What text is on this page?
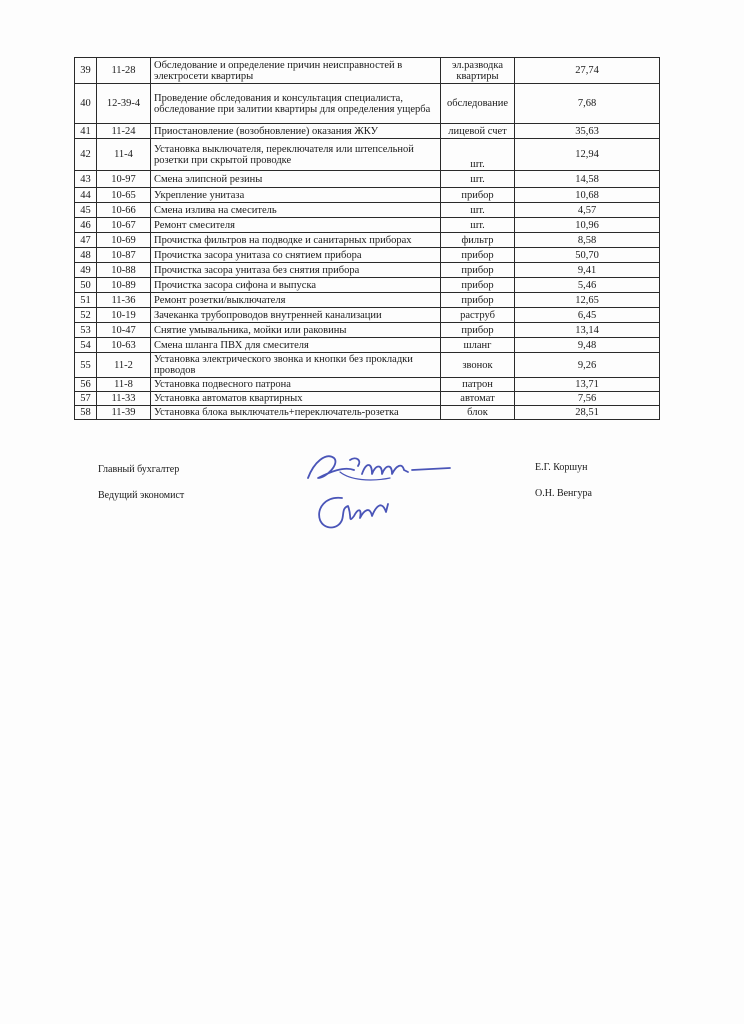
39	11-28	Обследование и определение причин неисправностей в электросети квартиры	эл.разводка квартиры	27,74
40	12-39-4	Проведение обследования и консультация специалиста, обследование при залитии квартиры для определения ущерба	обследование	7,68
41	11-24	Приостановление (возобновление) оказания ЖКУ	лицевой счет	35,63
42	11-4	Установка выключателя, переключателя или штепсельной розетки при скрытой проводке	шт.	12,94
43	10-97	Смена элипсной резины	шт.	14,58
44	10-65	Укрепление унитаза	прибор	10,68
45	10-66	Смена излива на смеситель	шт.	4,57
46	10-67	Ремонт смесителя	шт.	10,96
47	10-69	Прочистка фильтров на подводке и санитарных приборах	фильтр	8,58
48	10-87	Прочистка засора унитаза со снятием прибора	прибор	50,70
49	10-88	Прочистка засора унитаза без снятия прибора	прибор	9,41
50	10-89	Прочистка засора сифона и выпуска	прибор	5,46
51	11-36	Ремонт розетки/выключателя	прибор	12,65
52	10-19	Зачеканка трубопроводов внутренней канализации	раструб	6,45
53	10-47	Снятие умывальника, мойки или раковины	прибор	13,14
54	10-63	Смена шланга ПВХ для смесителя	шланг	9,48
55	11-2	Установка электрического звонка и кнопки без прокладки проводов	звонок	9,26
56	11-8	Установка подвесного патрона	патрон	13,71
57	11-33	Установка автоматов квартирных	автомат	7,56
58	11-39	Установка блока выключатель+переключатель-розетка	блок	28,51
Главный бухгалтер	Е.Г. Коршун
Ведущий экономист	О.Н. Венгура
